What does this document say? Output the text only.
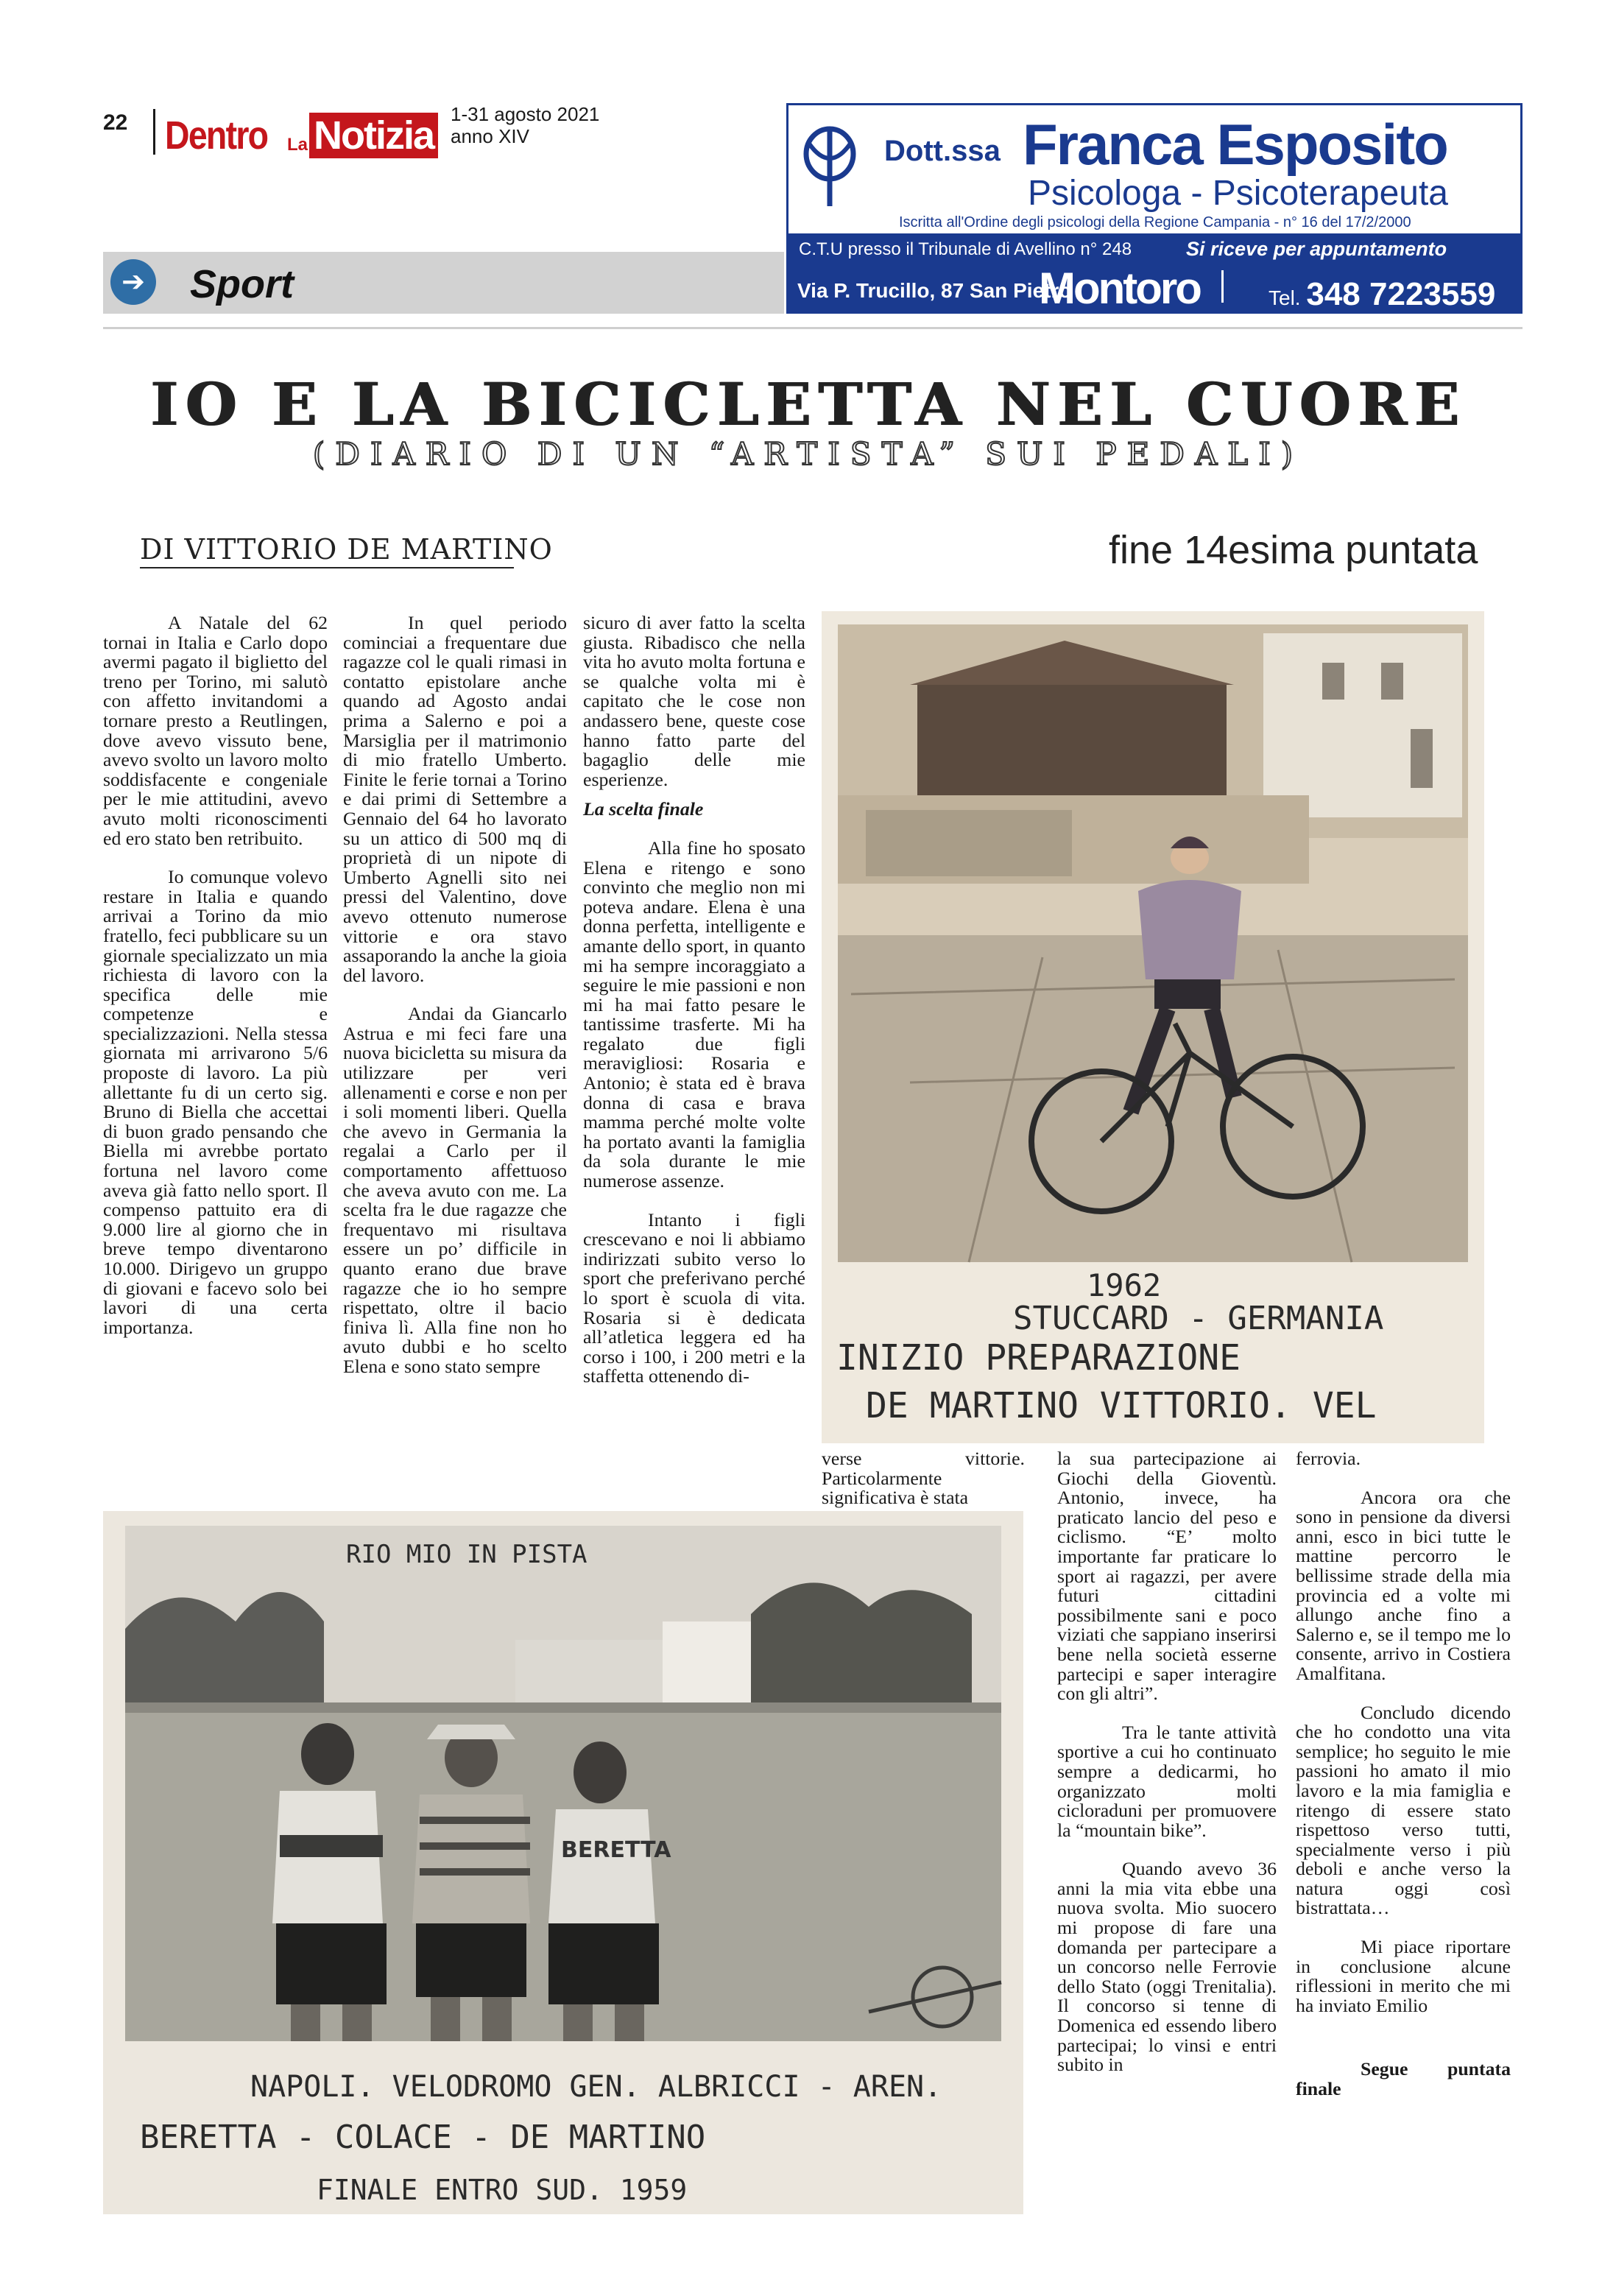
22 Dentro La Notizia 1-31 agosto 2021
anno XIV	Dott.ssa Franca Esposito
Psicologa - Psicoterapeuta
Iscritta all'Ordine degli psicologi della Regione Campania - n° 16 del 17/2/2000
C.T.U presso il Tribunale di Avellino n° 248	Si riceve per appuntamento
Via P. Trucillo, 87 San Pietro
Montoro	Tel. 348 7223559
➔ Sport
IO E LA BICICLETTA NEL CUORE
(DIARIO DI UN “ARTISTA” SUI PEDALI)
DI VITTORIO DE MARTINO	fine 14esima puntata

A Natale del 62 tornai in Italia e Carlo dopo avermi pagato il biglietto del treno per Torino, mi salutò con affetto invitandomi a tornare presto a Reutlingen, dove avevo vissuto bene, avevo svolto un lavoro molto soddisfacente e congeniale per le mie attitudini, avevo avuto molti riconoscimenti ed ero stato ben retribuito.

Io comunque volevo restare in Italia e quando arrivai a Torino da mio fratello, feci pubblicare su un giornale specializzato un mia richiesta di lavoro con la specifica delle mie competenze e specializzazioni. Nella stessa giornata mi arrivarono 5/6 proposte di lavoro. La più allettante fu di un certo sig. Bruno di Biella che accettai di buon grado pensando che Biella mi avrebbe portato fortuna nel lavoro come aveva già fatto nello sport. Il compenso pattuito era di 9.000 lire al giorno che in breve tempo diventarono 10.000. Dirigevo un gruppo di giovani e facevo solo bei lavori di una certa importanza.

In quel periodo cominciai a frequentare due ragazze col le quali rimasi in contatto epistolare anche quando ad Agosto andai prima a Salerno e poi a Marsiglia per il matrimonio di mio fratello Umberto. Finite le ferie tornai a Torino e dai primi di Settembre a Gennaio del 64 ho lavorato su un attico di 500 mq di proprietà di un nipote di Umberto Agnelli sito nei pressi del Valentino, dove avevo ottenuto numerose vittorie e ora stavo assaporando la anche la gioia del lavoro.

Andai da Giancarlo Astrua e mi feci fare una nuova bicicletta su misura da utilizzare per veri allenamenti e corse e non per i soli momenti liberi. Quella che avevo in Germania la regalai a Carlo per il comportamento affettuoso che aveva avuto con me. La scelta fra le due ragazze che frequentavo mi risultava essere un po’ difficile in quanto erano due brave ragazze che io ho sempre rispettato, oltre il bacio finiva lì. Alla fine non ho avuto dubbi e ho scelto Elena e sono stato sempre

sicuro di aver fatto la scelta giusta. Ribadisco che nella vita ho avuto molta fortuna e se qualche volta mi è capitato che le cose non andassero bene, queste cose hanno fatto parte del bagaglio delle mie esperienze.

La scelta finale

Alla fine ho sposato Elena e ritengo e sono convinto che meglio non mi poteva andare. Elena è una donna perfetta, intelligente e amante dello sport, in quanto mi ha sempre incoraggiato a seguire le mie passioni e non mi ha mai fatto pesare le tantissime trasferte. Mi ha regalato due figli meravigliosi: Rosaria e Antonio; è stata ed è brava donna di casa e brava mamma perché molte volte ha portato avanti la famiglia da sola durante le mie numerose assenze.

Intanto i figli crescevano e noi li abbiamo indirizzati subito verso lo sport che preferivano perché lo sport è scuola di vita. Rosaria si è dedicata all’atletica leggera ed ha corso i 100, i 200 metri e la staffetta ottenendo di-

verse vittorie. Particolarmente significativa è stata

la sua partecipazione ai Giochi della Gioventù. Antonio, invece, ha praticato lancio del peso e ciclismo. “E’ molto importante far praticare lo sport ai ragazzi, per avere futuri cittadini possibilmente sani e poco viziati che sappiano inserirsi bene nella società esserne partecipi e saper interagire con gli altri”.

Tra le tante attività sportive a cui ho continuato sempre a dedicarmi, ho organizzato molti cicloraduni per promuovere la “mountain bike”.

Quando avevo 36 anni la mia vita ebbe una nuova svolta. Mio suocero mi propose di fare una domanda per partecipare a un concorso nelle Ferrovie dello Stato (oggi Trenitalia). Il concorso si tenne di Domenica ed essendo libero partecipai; lo vinsi e entri subito in

ferrovia.

Ancora ora che sono in pensione da diversi anni, esco in bici tutte le mattine percorro le bellissime strade della mia provincia ed a volte mi allungo anche fino a Salerno e, se il tempo me lo consente, arrivo in Costiera Amalfitana.

Concludo dicendo che ho condotto una vita semplice; ho seguito le mie passioni ho amato il mio lavoro e la mia famiglia e ritengo di essere stato rispettoso verso tutti, specialmente verso i più deboli e anche verso la natura oggi così bistrattata…

Mi piace riportare in conclusione alcune riflessioni in merito che mi ha inviato Emilio

Segue puntata finale

1962
STUCCARD - GERMANIA
INIZIO PREPARAZIONE
DE MARTINO VITTORIO. VEL
BERETTA
RIO MIO IN PISTA
NAPOLI. VELODROMO GEN. ALBRICCI - AREN.
BERETTA - COLACE - DE MARTINO
FINALE ENTRO SUD. 1959
